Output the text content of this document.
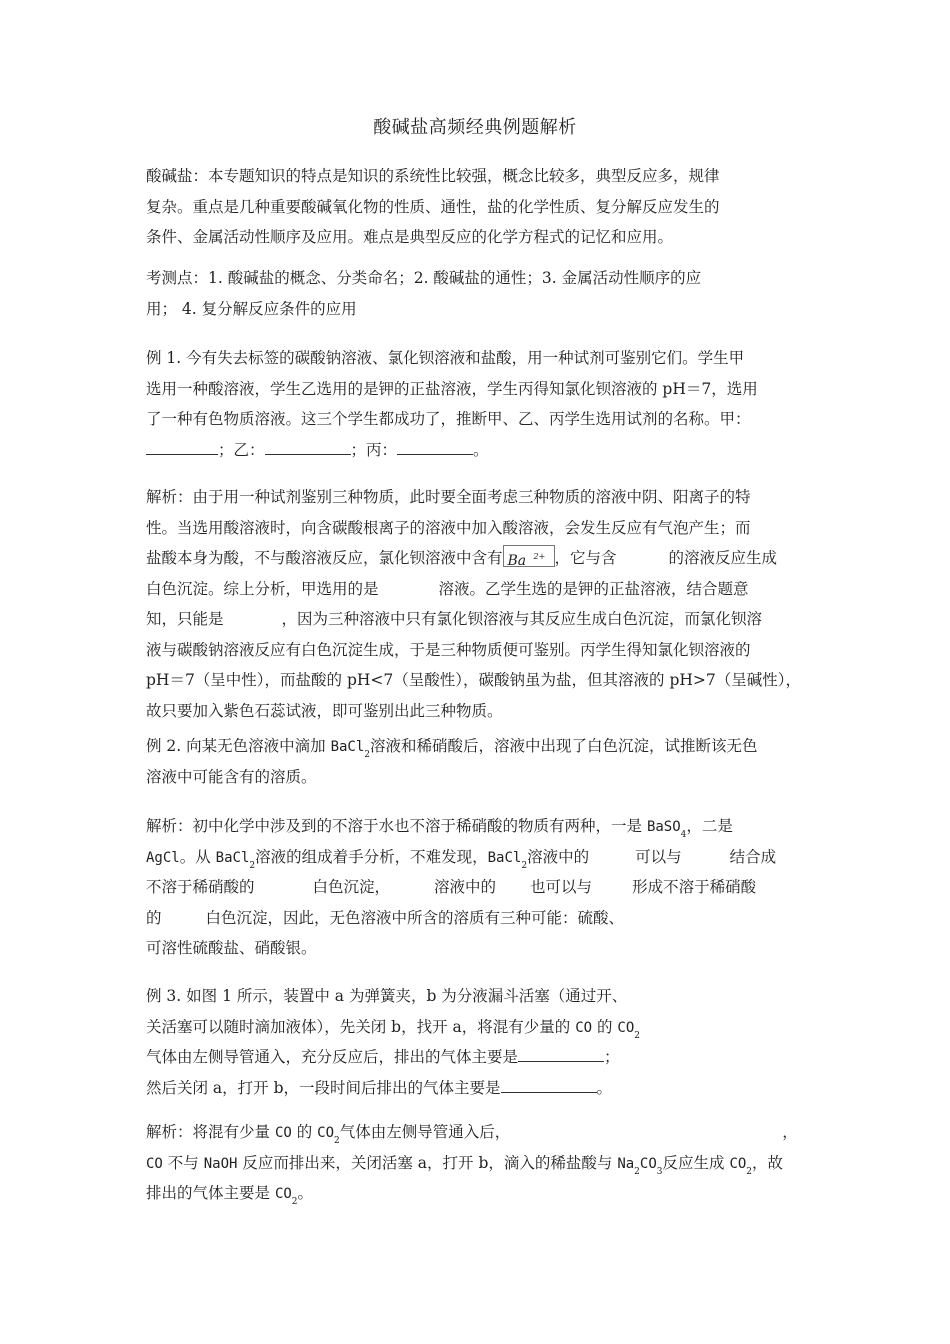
酸碱盐高频经典例题解析
酸碱盐：本专题知识的特点是知识的系统性比较强，概念比较多，典型反应多，规律
复杂。重点是几种重要酸碱氧化物的性质、通性，盐的化学性质、复分解反应发生的
条件、金属活动性顺序及应用。难点是典型反应的化学方程式的记忆和应用。
考测点：1. 酸碱盐的概念、分类命名；2. 酸碱盐的通性；3. 金属活动性顺序的应
用； 4. 复分解反应条件的应用
例 1. 今有失去标签的碳酸钠溶液、氯化钡溶液和盐酸，用一种试剂可鉴别它们。学生甲
选用一种酸溶液，学生乙选用的是钾的正盐溶液，学生丙得知氯化钡溶液的 pH＝7，选用
了一种有色物质溶液。这三个学生都成功了，推断甲、乙、丙学生选用试剂的名称。甲：
；乙：	；丙：	。
解析：由于用一种试剂鉴别三种物质，此时要全面考虑三种物质的溶液中阴、阳离子的特
性。当选用酸溶液时，向含碳酸根离子的溶液中加入酸溶液，会发生反应有气泡产生；而
盐酸本身为酸，不与酸溶液反应，氯化钡溶液中含有 Ba 2+ ，它与含	的溶液反应生成
白色沉淀。综上分析，甲选用的是	溶液。乙学生选的是钾的正盐溶液，结合题意
知，只能是	，因为三种溶液中只有氯化钡溶液与其反应生成白色沉淀，而氯化钡溶
液与碳酸钠溶液反应有白色沉淀生成，于是三种物质便可鉴别。丙学生得知氯化钡溶液的
pH＝7（呈中性），而盐酸的 pH<7（呈酸性），碳酸钠虽为盐，但其溶液的 pH>7（呈碱性），
故只要加入紫色石蕊试液，即可鉴别出此三种物质。
例 2. 向某无色溶液中滴加 BaCl$_2$溶液和稀硝酸后，溶液中出现了白色沉淀，试推断该无色
溶液中可能含有的溶质。
解析：初中化学中涉及到的不溶于水也不溶于稀硝酸的物质有两种，一是 BaSO$_4$，二是
AgCl。从 BaCl$_2$溶液的组成着手分析，不难发现，BaCl$_2$溶液中的	可以与	结合成
不溶于稀硝酸的	白色沉淀，	溶液中的 也可以与	形成不溶于稀硝酸
的	白色沉淀，因此，无色溶液中所含的溶质有三种可能：硫酸、
可溶性硫酸盐、硝酸银。
例 3. 如图 1 所示，装置中 a 为弹簧夹，b 为分液漏斗活塞（通过开、
关活塞可以随时滴加液体），先关闭 b，找开 a，将混有少量的 CO 的 $CO_2$
气体由左侧导管通入，充分反应后，排出的气体主要是	；
然后关闭 a，打开 b，一段时间后排出的气体主要是	。
解析：将混有少量 CO 的 $CO_2$气体由左侧导管通入后，	，
CO 不与 NaOH 反应而排出来，关闭活塞 a，打开 b，滴入的稀盐酸与 $Na_2CO_3$反应生成 $CO_2$，故
排出的气体主要是 $CO_2$。
